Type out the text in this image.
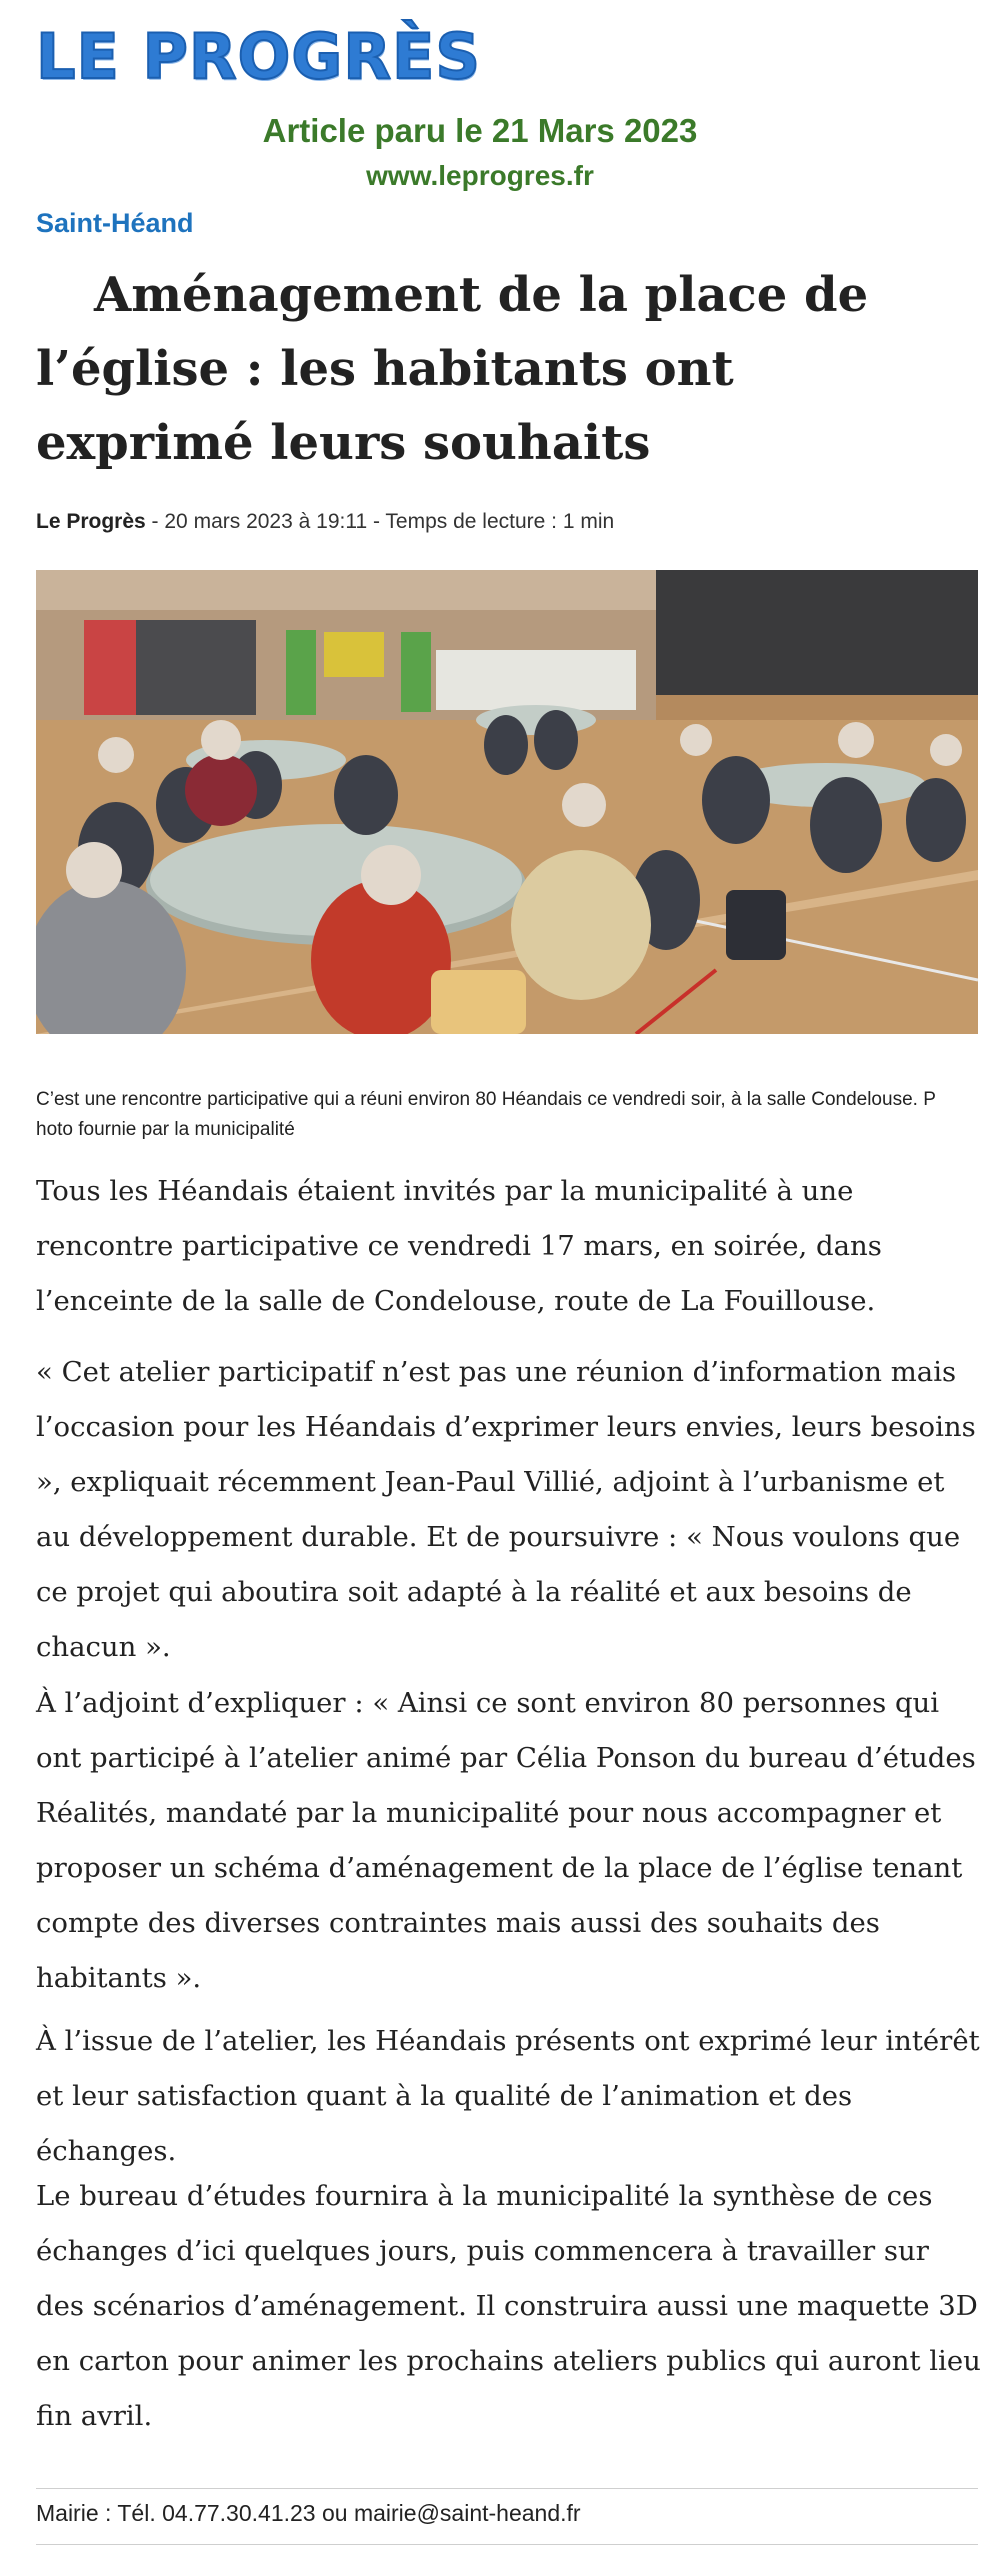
LE PROGRÈS
Article paru le 21 Mars 2023
www.leprogres.fr
Saint-Héand
Aménagement de la place de l’église : les habitants ont exprimé leurs souhaits
Le Progrès - 20 mars 2023 à 19:11 - Temps de lecture : 1 min
C’est une rencontre participative qui a réuni environ 80 Héandais ce vendredi soir, à la salle Condelouse. P hoto fournie par la municipalité

Tous les Héandais étaient invités par la municipalité à une rencontre participative ce vendredi 17 mars, en soirée, dans l’enceinte de la salle de Condelouse, route de La Fouillouse.

« Cet atelier participatif n’est pas une réunion d’information mais l’occasion pour les Héandais d’exprimer leurs envies, leurs besoins », expliquait récemment Jean-Paul Villié, adjoint à l’urbanisme et au développement durable. Et de poursuivre : « Nous voulons que ce projet qui aboutira soit adapté à la réalité et aux besoins de chacun ».

À l’adjoint d’expliquer : « Ainsi ce sont environ 80 personnes qui ont participé à l’atelier animé par Célia Ponson du bureau d’études Réalités, mandaté par la municipalité pour nous accompagner et proposer un schéma d’aménagement de la place de l’église tenant compte des diverses contraintes mais aussi des souhaits des habitants ».

À l’issue de l’atelier, les Héandais présents ont exprimé leur intérêt et leur satisfaction quant à la qualité de l’animation et des échanges.

Le bureau d’études fournira à la municipalité la synthèse de ces échanges d’ici quelques jours, puis commencera à travailler sur des scénarios d’aménagement. Il construira aussi une maquette 3D en carton pour animer les prochains ateliers publics qui auront lieu fin avril.

Mairie : Tél. 04.77.30.41.23 ou mairie@saint-heand.fr
